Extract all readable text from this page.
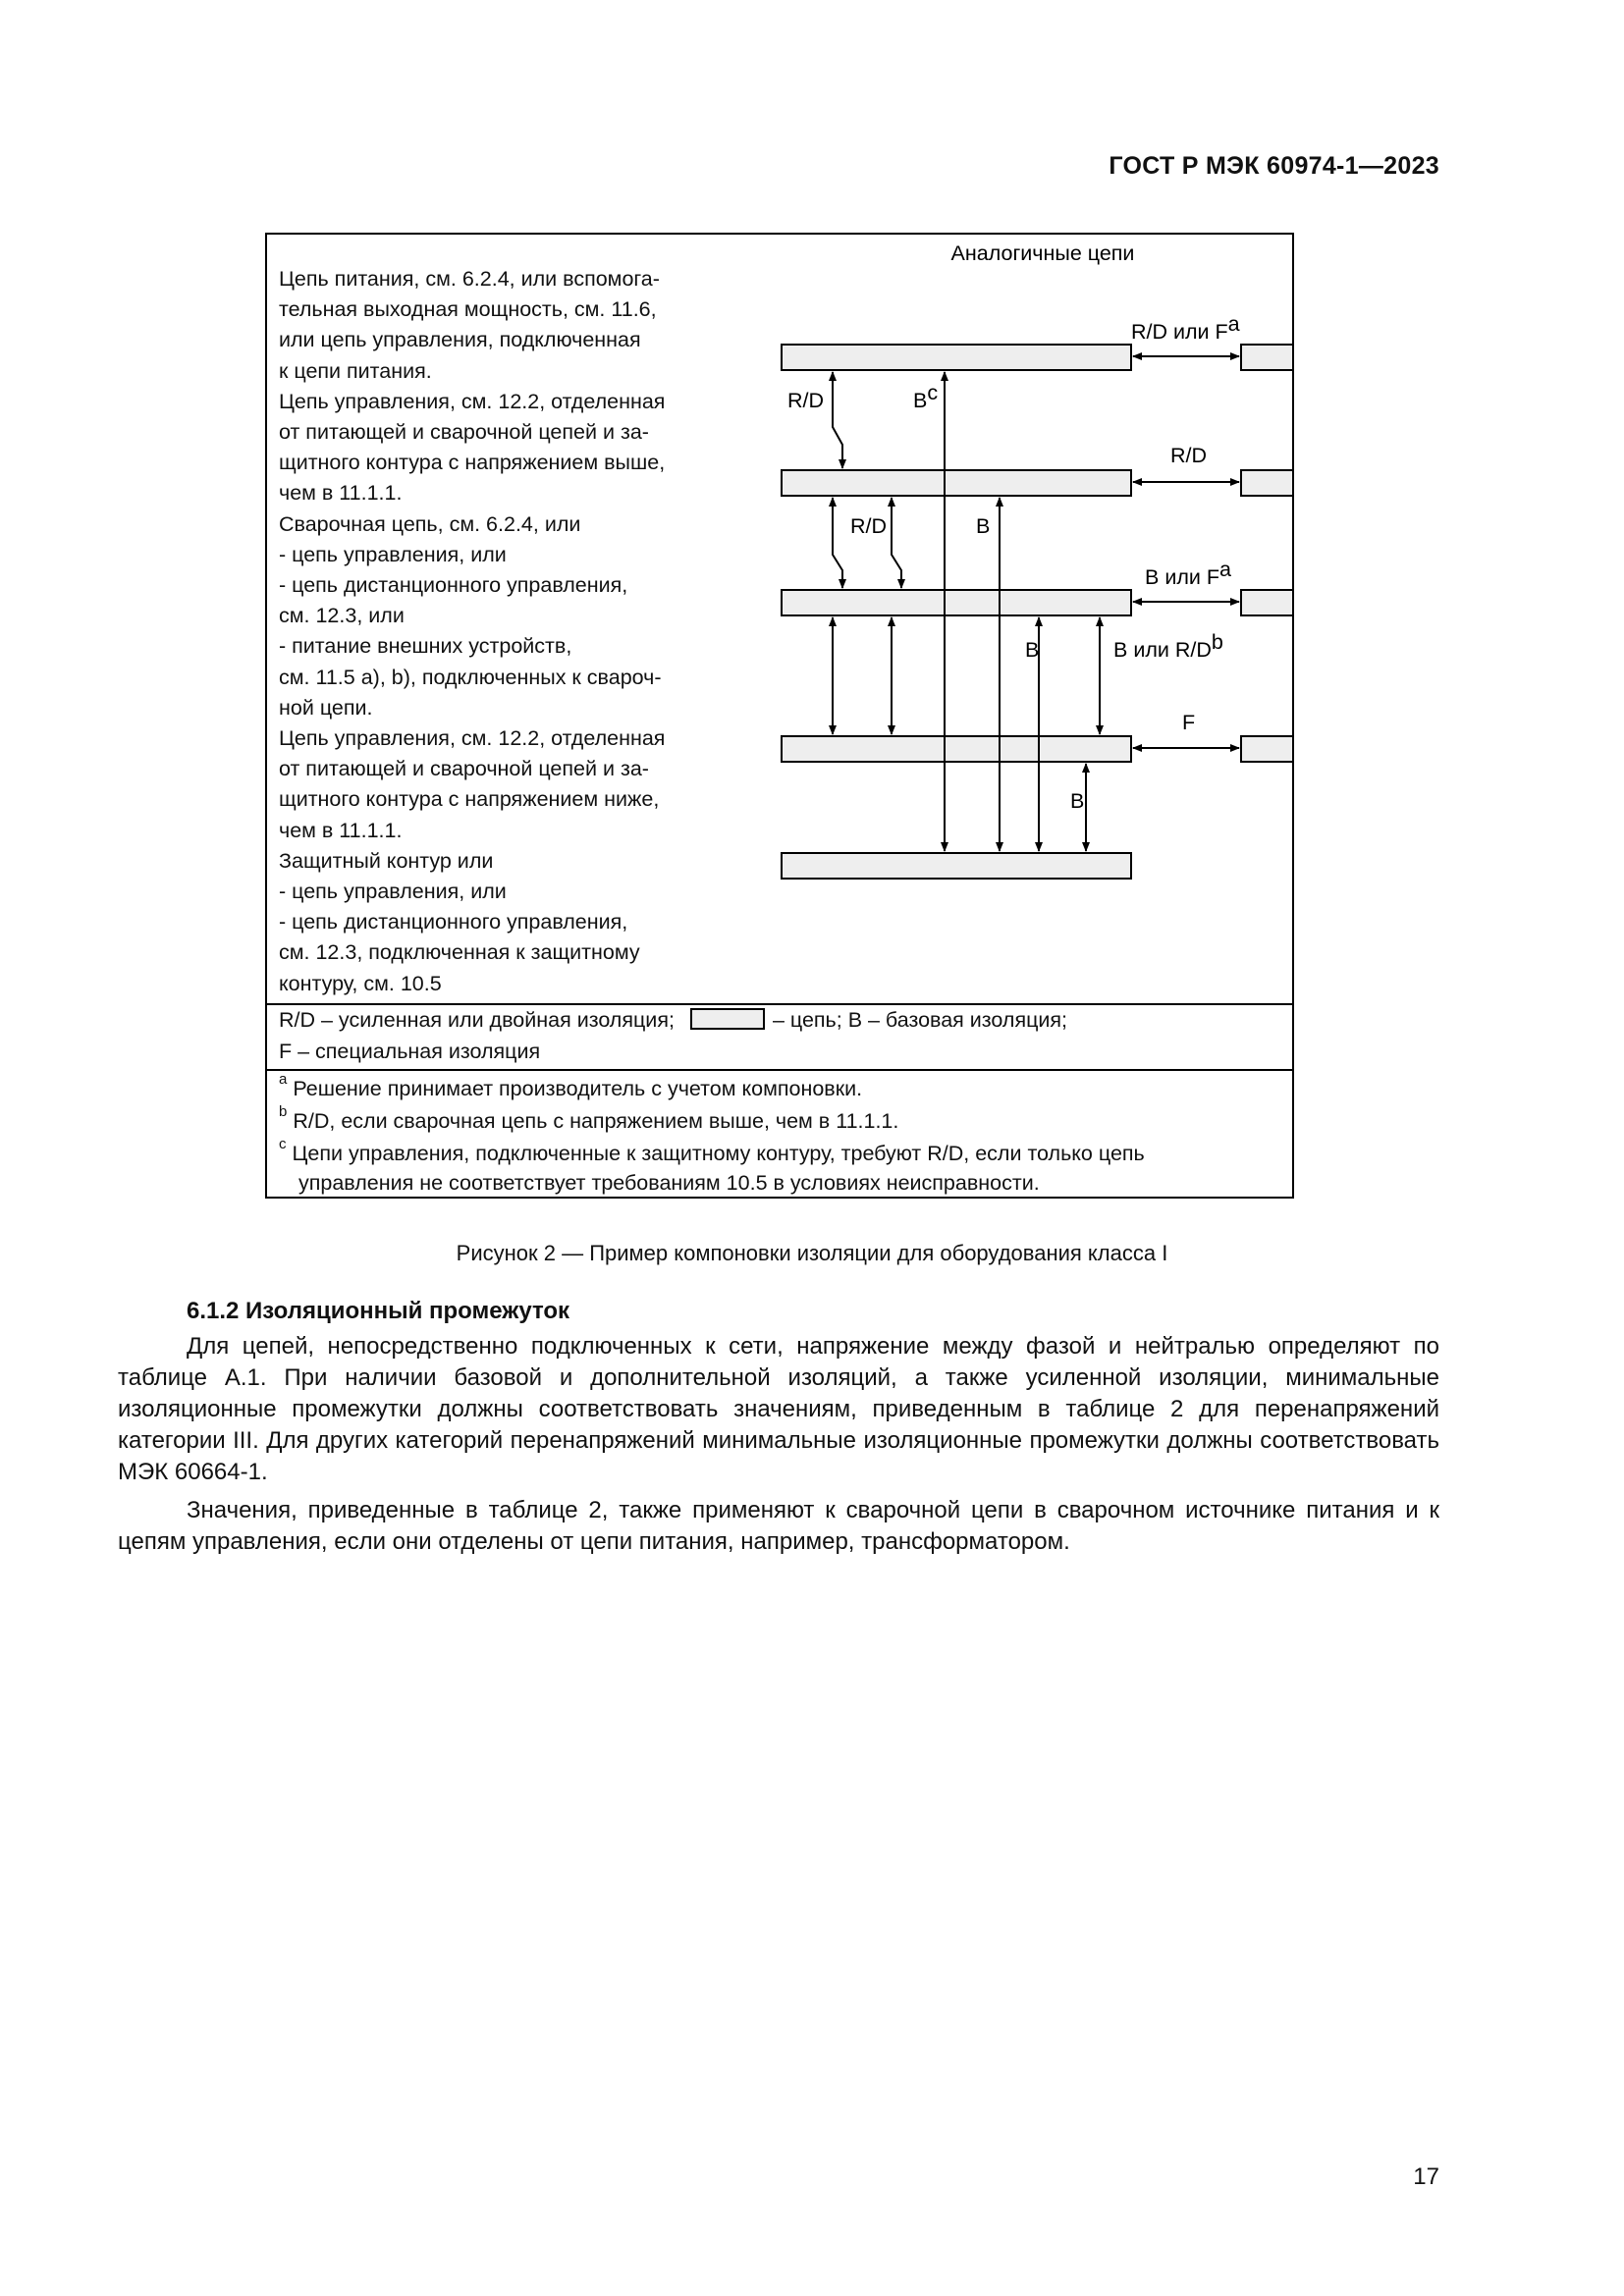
ГОСТ Р МЭК 60974-1—2023
Цепь питания, см. 6.2.4, или вспомога-
тельная выходная мощность, см. 11.6,
или цепь управления, подключенная
к цепи питания.
Цепь управления, см. 12.2, отделенная
от питающей и сварочной цепей и за-
щитного контура с напряжением выше,
чем в 11.1.1.
Сварочная цепь, см. 6.2.4, или
- цепь управления, или
- цепь дистанционного управления,
см. 12.3, или
- питание внешних устройств,
см. 11.5 а), b), подключенных к свароч-
ной цепи.
Цепь управления, см. 12.2, отделенная
от питающей и сварочной цепей и за-
щитного контура с напряжением ниже,
чем в 11.1.1.
Защитный контур или
- цепь управления, или
- цепь дистанционного управления,
см. 12.3, подключенная к защитному
контуру, см. 10.5
Аналогичные цепи
R/D или Fa
R/D	Bc
R/D
R/D	B
B или Fa
B	B или R/Db
F
B
R/D – усиленная или двойная изоляция;	– цепь; B – базовая изоляция;
F – специальная изоляция
$^a$ Решение принимает производитель с учетом компоновки.
$^b$ R/D, если сварочная цепь с напряжением выше, чем в 11.1.1.
$^c$ Цепи управления, подключенные к защитному контуру, требуют R/D, если только цепь
управления не соответствует требованиям 10.5 в условиях неисправности.
Рисунок 2 — Пример компоновки изоляции для оборудования класса I
6.1.2 Изоляционный промежуток
Для цепей, непосредственно подключенных к сети, напряжение между фазой и нейтралью определяют по таблице А.1. При наличии базовой и дополнительной изоляций, а также усиленной изоляции, минимальные изоляционные промежутки должны соответствовать значениям, приведенным в таблице 2 для перенапряжений категории III. Для других категорий перенапряжений минимальные изоляционные промежутки должны соответствовать МЭК 60664-1.
Значения, приведенные в таблице 2, также применяют к сварочной цепи в сварочном источнике питания и к цепям управления, если они отделены от цепи питания, например, трансформатором.
17
